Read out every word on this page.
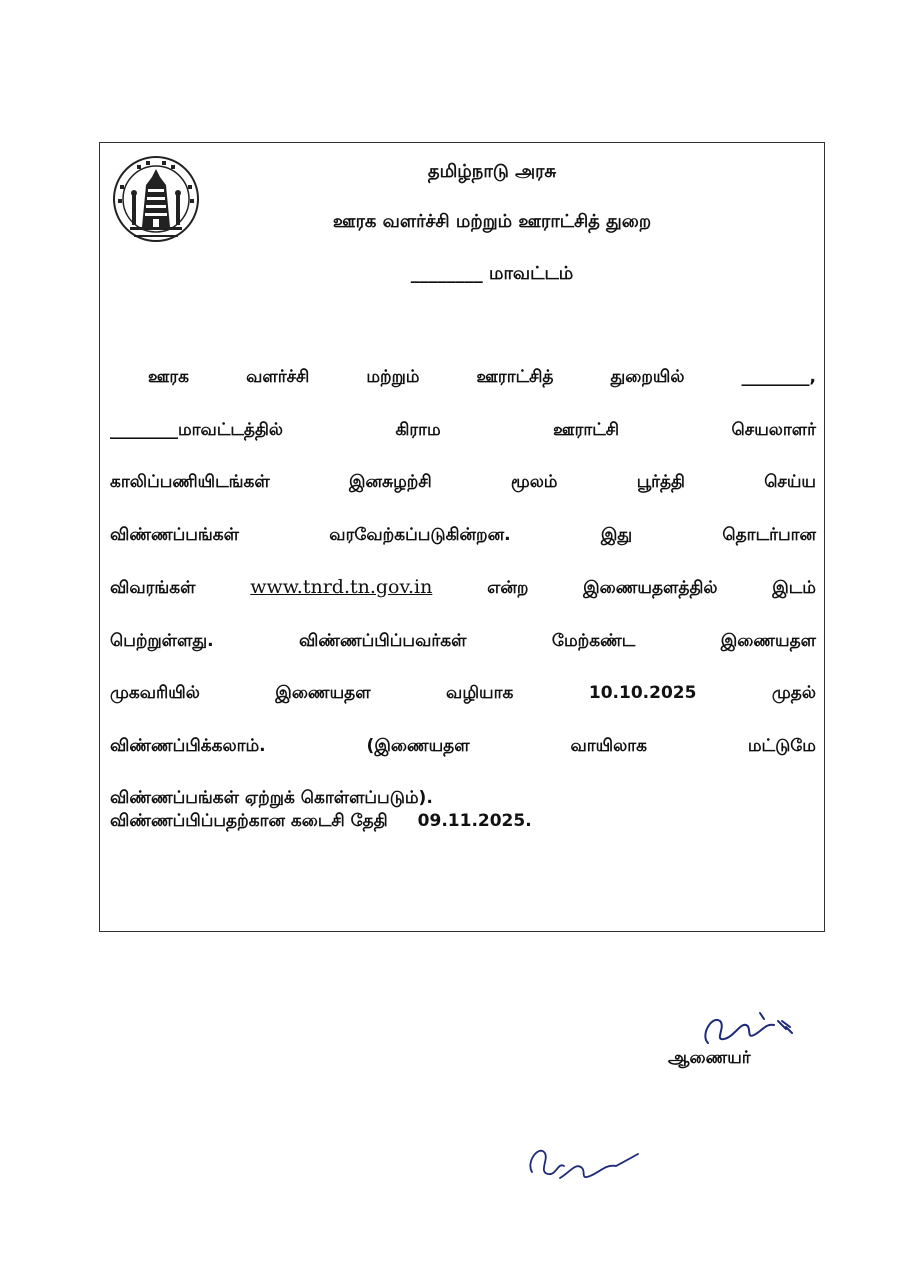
தமிழ்நாடு அரசு
ஊரக வளர்ச்சி மற்றும் ஊராட்சித் துறை
________ மாவட்டம்
ஊரக வளர்ச்சி மற்றும் ஊராட்சித் துறையில் ________,
________மாவட்டத்தில் கிராம ஊராட்சி செயலாளர்
காலிப்பணியிடங்கள் இனசுழற்சி மூலம் பூர்த்தி செய்ய
விண்ணப்பங்கள் வரவேற்கப்படுகின்றன. இது தொடர்பான
விவரங்கள் www.tnrd.tn.gov.in என்ற இணையதளத்தில் இடம்
பெற்றுள்ளது. விண்ணப்பிப்பவர்கள் மேற்கண்ட இணையதள
முகவரியில் இணையதள வழியாக 10.10.2025 முதல்
விண்ணப்பிக்கலாம். (இணையதள வாயிலாக மட்டுமே
விண்ணப்பங்கள் ஏற்றுக் கொள்ளப்படும்).
விண்ணப்பிப்பதற்கான கடைசி தேதி 09.11.2025.
ஆணையர்
